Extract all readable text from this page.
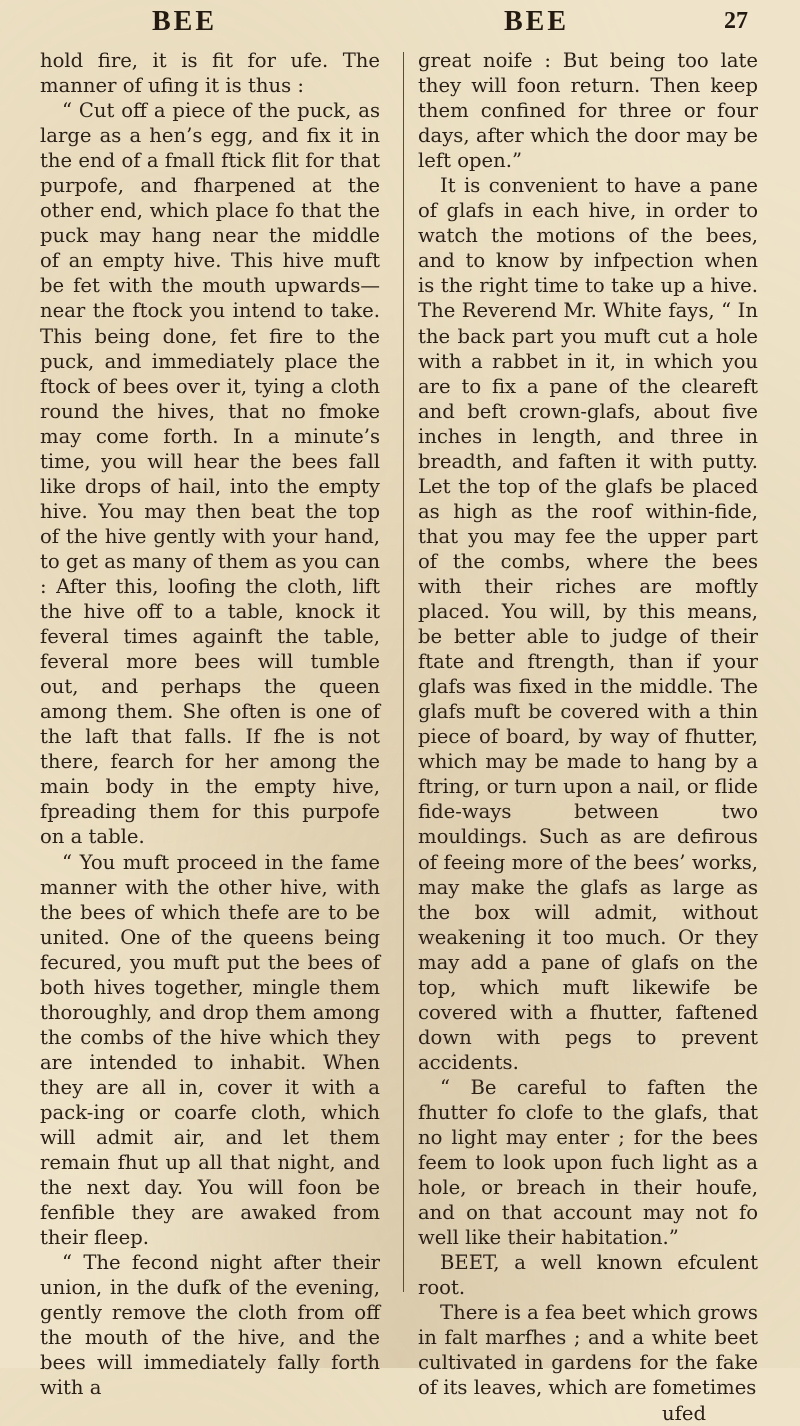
BEE

hold fire, it is fit for ufe. The manner of ufing it is thus :

“ Cut off a piece of the puck, as large as a hen’s egg, and fix it in the end of a fmall ftick flit for that purpofe, and fharpened at the other end, which place fo that the puck may hang near the middle of an empty hive. This hive muft be fet with the mouth upwards—near the ftock you intend to take. This being done, fet fire to the puck, and immediately place the ftock of bees over it, tying a cloth round the hives, that no fmoke may come forth. In a minute’s time, you will hear the bees fall like drops of hail, into the empty hive. You may then beat the top of the hive gently with your hand, to get as many of them as you can : After this, loofing the cloth, lift the hive off to a table, knock it feveral times againft the table, feveral more bees will tumble out, and perhaps the queen among them. She often is one of the laft that falls. If fhe is not there, fearch for her among the main body in the empty hive, fpreading them for this purpofe on a table.

“ You muft proceed in the fame manner with the other hive, with the bees of which thefe are to be united. One of the queens being fecured, you muft put the bees of both hives together, mingle them thoroughly, and drop them among the combs of the hive which they are intended to inhabit. When they are all in, cover it with a pack-ing or coarfe cloth, which will admit air, and let them remain fhut up all that night, and the next day. You will foon be fenfible they are awaked from their fleep.

“ The fecond night after their union, in the dufk of the evening, gently remove the cloth from off the mouth of the hive, and the bees will immediately fally forth with a

BEE	27

great noife : But being too late they will foon return. Then keep them confined for three or four days, after which the door may be left open.”

It is convenient to have a pane of glafs in each hive, in order to watch the motions of the bees, and to know by infpection when is the right time to take up a hive. The Reverend Mr. White fays, “ In the back part you muft cut a hole with a rabbet in it, in which you are to fix a pane of the cleareft and beft crown-glafs, about five inches in length, and three in breadth, and faften it with putty. Let the top of the glafs be placed as high as the roof within-fide, that you may fee the upper part of the combs, where the bees with their riches are moftly placed. You will, by this means, be better able to judge of their ftate and ftrength, than if your glafs was fixed in the middle. The glafs muft be covered with a thin piece of board, by way of fhutter, which may be made to hang by a ftring, or turn upon a nail, or flide fide-ways between two mouldings. Such as are defirous of feeing more of the bees’ works, may make the glafs as large as the box will admit, without weakening it too much. Or they may add a pane of glafs on the top, which muft likewife be covered with a fhutter, faftened down with pegs to prevent accidents.

“ Be careful to faften the fhutter fo clofe to the glafs, that no light may enter ; for the bees feem to look upon fuch light as a hole, or breach in their houfe, and on that account may not fo well like their habitation.”

BEET, a well known efculent root.

There is a fea beet which grows in falt marfhes ; and a white beet cultivated in gardens for the fake of its leaves, which are fometimes

ufed
